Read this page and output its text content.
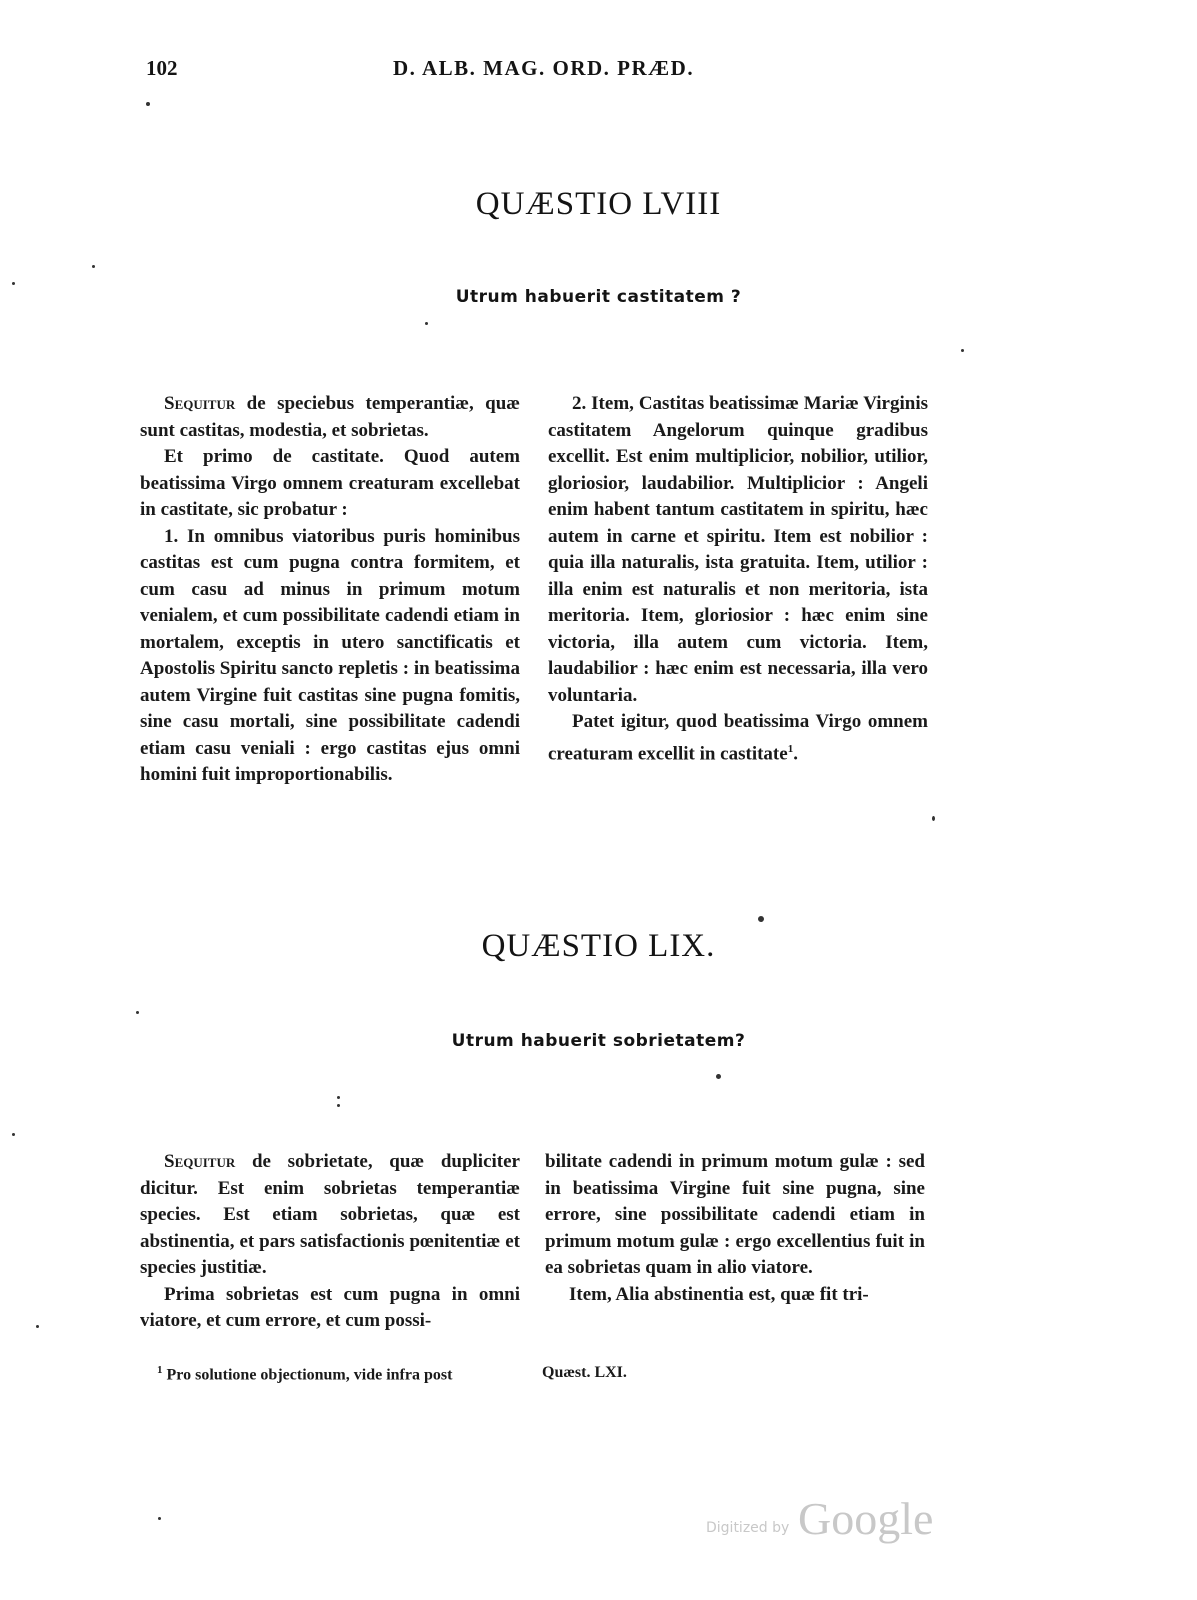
102	D. ALB. MAG. ORD. PRÆD.
QUÆSTIO LVIII
Utrum habuerit castitatem ?

Sequitur de speciebus temperantiæ, quæ sunt castitas, modestia, et sobrietas.

Et primo de castitate. Quod autem beatissima Virgo omnem creaturam excellebat in castitate, sic probatur :

1. In omnibus viatoribus puris hominibus castitas est cum pugna contra formitem, et cum casu ad minus in primum motum venialem, et cum possibilitate cadendi etiam in mortalem, exceptis in utero sanctificatis et Apostolis Spiritu sancto repletis : in beatissima autem Virgine fuit castitas sine pugna fomitis, sine casu mortali, sine possibilitate cadendi etiam casu veniali : ergo castitas ejus omni homini fuit improportionabilis.

2. Item, Castitas beatissimæ Mariæ Virginis castitatem Angelorum quinque gradibus excellit. Est enim multiplicior, nobilior, utilior, gloriosior, laudabilior. Multiplicior : Angeli enim habent tantum castitatem in spiritu, hæc autem in carne et spiritu. Item est nobilior : quia illa naturalis, ista gratuita. Item, utilior : illa enim est naturalis et non meritoria, ista meritoria. Item, gloriosior : hæc enim sine victoria, illa autem cum victoria. Item, laudabilior : hæc enim est necessaria, illa vero voluntaria.

Patet igitur, quod beatissima Virgo omnem creaturam excellit in castitate$^1$.

QUÆSTIO LIX.
Utrum habuerit sobrietatem?

Sequitur de sobrietate, quæ dupliciter dicitur. Est enim sobrietas temperantiæ species. Est etiam sobrietas, quæ est abstinentia, et pars satisfactionis pœnitentiæ et species justitiæ.

Prima sobrietas est cum pugna in omni viatore, et cum errore, et cum possi-

bilitate cadendi in primum motum gulæ : sed in beatissima Virgine fuit sine pugna, sine errore, sine possibilitate cadendi etiam in primum motum gulæ : ergo excellentius fuit in ea sobrietas quam in alio viatore.

Item, Alia abstinentia est, quæ fit tri-

$^1$ Pro solutione objectionum, vide infra post	Quæst. LXI.
Digitized by Google
